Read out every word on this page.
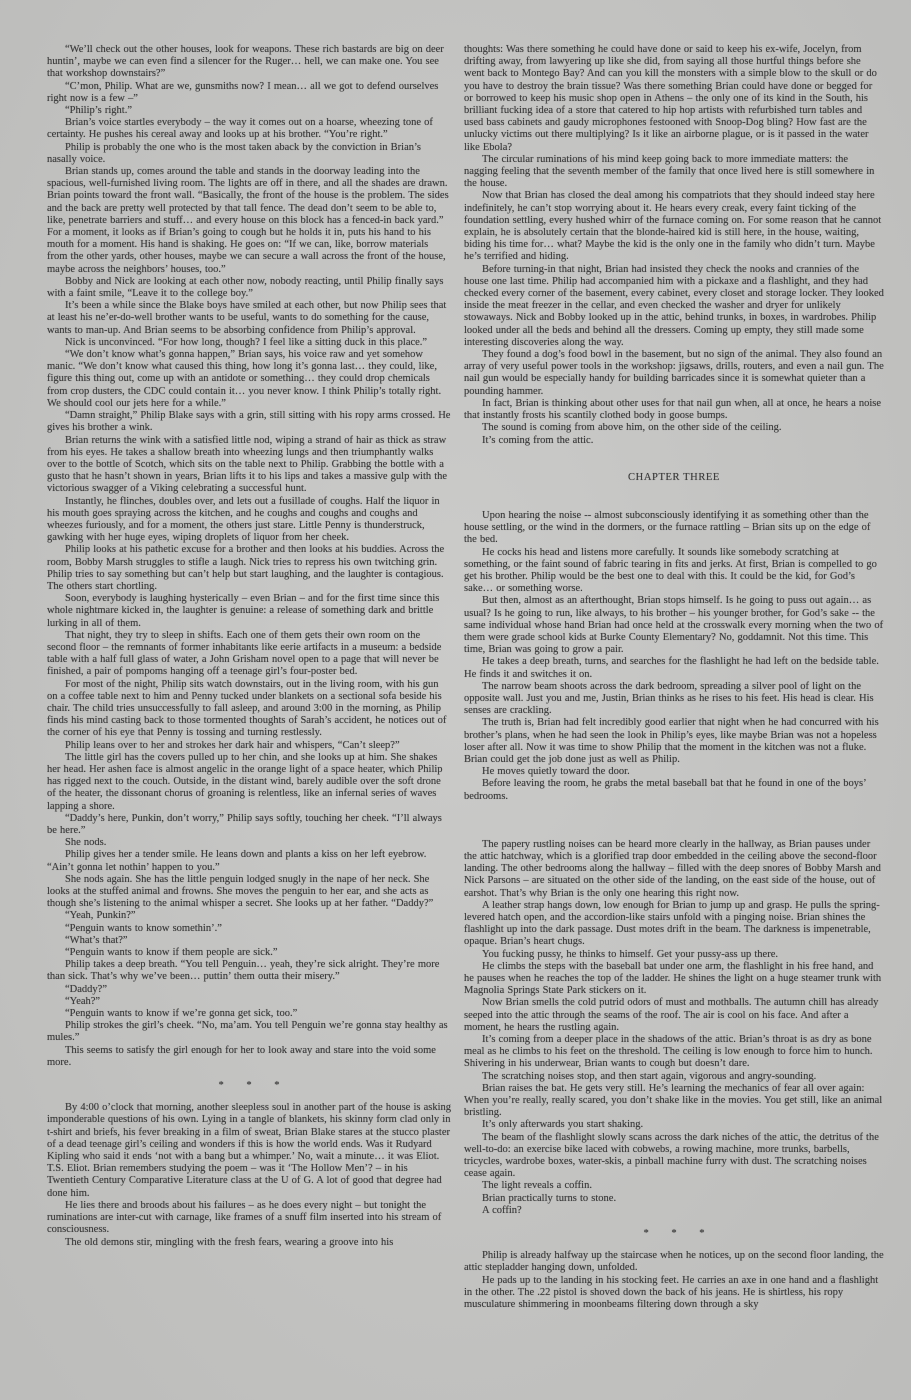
“We’ll check out the other houses, look for weapons. These rich bastards are big on deer huntin’, maybe we can even find a silencer for the Ruger… hell, we can make one. You see that workshop downstairs?”

“C’mon, Philip. What are we, gunsmiths now? I mean… all we got to defend ourselves right now is a few –”

“Philip’s right.”

Brian’s voice startles everybody – the way it comes out on a hoarse, wheezing tone of certainty. He pushes his cereal away and looks up at his brother. “You’re right.”

Philip is probably the one who is the most taken aback by the conviction in Brian’s nasally voice.

Brian stands up, comes around the table and stands in the doorway leading into the spacious, well-furnished living room. The lights are off in there, and all the shades are drawn. Brian points toward the front wall. “Basically, the front of the house is the problem. The sides and the back are pretty well protected by that tall fence. The dead don’t seem to be able to, like, penetrate barriers and stuff… and every house on this block has a fenced-in back yard.” For a moment, it looks as if Brian’s going to cough but he holds it in, puts his hand to his mouth for a moment. His hand is shaking. He goes on: “If we can, like, borrow materials from the other yards, other houses, maybe we can secure a wall across the front of the house, maybe across the neighbors’ houses, too.”

Bobby and Nick are looking at each other now, nobody reacting, until Philip finally says with a faint smile, “Leave it to the college boy.”

It’s been a while since the Blake boys have smiled at each other, but now Philip sees that at least his ne’er-do-well brother wants to be useful, wants to do something for the cause, wants to man-up. And Brian seems to be absorbing confidence from Philip’s approval.

Nick is unconvinced. “For how long, though? I feel like a sitting duck in this place.”

“We don’t know what’s gonna happen,” Brian says, his voice raw and yet somehow manic. “We don’t know what caused this thing, how long it’s gonna last… they could, like, figure this thing out, come up with an antidote or something… they could drop chemicals from crop dusters, the CDC could contain it… you never know. I think Philip’s totally right. We should cool our jets here for a while.”

“Damn straight,” Philip Blake says with a grin, still sitting with his ropy arms crossed. He gives his brother a wink.

Brian returns the wink with a satisfied little nod, wiping a strand of hair as thick as straw from his eyes. He takes a shallow breath into wheezing lungs and then triumphantly walks over to the bottle of Scotch, which sits on the table next to Philip. Grabbing the bottle with a gusto that he hasn’t shown in years, Brian lifts it to his lips and takes a massive gulp with the victorious swagger of a Viking celebrating a successful hunt.

Instantly, he flinches, doubles over, and lets out a fusillade of coughs. Half the liquor in his mouth goes spraying across the kitchen, and he coughs and coughs and coughs and wheezes furiously, and for a moment, the others just stare. Little Penny is thunderstruck, gawking with her huge eyes, wiping droplets of liquor from her cheek.

Philip looks at his pathetic excuse for a brother and then looks at his buddies. Across the room, Bobby Marsh struggles to stifle a laugh. Nick tries to repress his own twitching grin. Philip tries to say something but can’t help but start laughing, and the laughter is contagious. The others start chortling.

Soon, everybody is laughing hysterically – even Brian – and for the first time since this whole nightmare kicked in, the laughter is genuine: a release of something dark and brittle lurking in all of them.

That night, they try to sleep in shifts. Each one of them gets their own room on the second floor – the remnants of former inhabitants like eerie artifacts in a museum: a bedside table with a half full glass of water, a John Grisham novel open to a page that will never be finished, a pair of pompoms hanging off a teenage girl’s four-poster bed.

For most of the night, Philip sits watch downstairs, out in the living room, with his gun on a coffee table next to him and Penny tucked under blankets on a sectional sofa beside his chair. The child tries unsuccessfully to fall asleep, and around 3:00 in the morning, as Philip finds his mind casting back to those tormented thoughts of Sarah’s accident, he notices out of the corner of his eye that Penny is tossing and turning restlessly.

Philip leans over to her and strokes her dark hair and whispers, “Can’t sleep?”

The little girl has the covers pulled up to her chin, and she looks up at him. She shakes her head. Her ashen face is almost angelic in the orange light of a space heater, which Philip has rigged next to the couch. Outside, in the distant wind, barely audible over the soft drone of the heater, the dissonant chorus of groaning is relentless, like an infernal series of waves lapping a shore.

“Daddy’s here, Punkin, don’t worry,” Philip says softly, touching her cheek. “I’ll always be here.”

She nods.

Philip gives her a tender smile. He leans down and plants a kiss on her left eyebrow. “Ain’t gonna let nothin’ happen to you.”

She nods again. She has the little penguin lodged snugly in the nape of her neck. She looks at the stuffed animal and frowns. She moves the penguin to her ear, and she acts as though she’s listening to the animal whisper a secret. She looks up at her father. “Daddy?”

“Yeah, Punkin?”

“Penguin wants to know somethin’.”

“What’s that?”

“Penguin wants to know if them people are sick.”

Philip takes a deep breath. “You tell Penguin… yeah, they’re sick alright. They’re more than sick. That’s why we’ve been… puttin’ them outta their misery.”

“Daddy?”

“Yeah?”

“Penguin wants to know if we’re gonna get sick, too.”

Philip strokes the girl’s cheek. “No, ma’am. You tell Penguin we’re gonna stay healthy as mules.”

This seems to satisfy the girl enough for her to look away and stare into the void some more.

* * *

By 4:00 o’clock that morning, another sleepless soul in another part of the house is asking imponderable questions of his own. Lying in a tangle of blankets, his skinny form clad only in t-shirt and briefs, his fever breaking in a film of sweat, Brian Blake stares at the stucco plaster of a dead teenage girl’s ceiling and wonders if this is how the world ends. Was it Rudyard Kipling who said it ends ‘not with a bang but a whimper.’ No, wait a minute… it was Eliot. T.S. Eliot. Brian remembers studying the poem – was it ‘The Hollow Men’? – in his Twentieth Century Comparative Literature class at the U of G. A lot of good that degree had done him.

He lies there and broods about his failures – as he does every night – but tonight the ruminations are inter-cut with carnage, like frames of a snuff film inserted into his stream of consciousness.

The old demons stir, mingling with the fresh fears, wearing a groove into his

thoughts: Was there something he could have done or said to keep his ex-wife, Jocelyn, from drifting away, from lawyering up like she did, from saying all those hurtful things before she went back to Montego Bay? And can you kill the monsters with a simple blow to the skull or do you have to destroy the brain tissue? Was there something Brian could have done or begged for or borrowed to keep his music shop open in Athens – the only one of its kind in the South, his brilliant fucking idea of a store that catered to hip hop artists with refurbished turn tables and used bass cabinets and gaudy microphones festooned with Snoop-Dog bling? How fast are the unlucky victims out there multiplying? Is it like an airborne plague, or is it passed in the water like Ebola?

The circular ruminations of his mind keep going back to more immediate matters: the nagging feeling that the seventh member of the family that once lived here is still somewhere in the house.

Now that Brian has closed the deal among his compatriots that they should indeed stay here indefinitely, he can’t stop worrying about it. He hears every creak, every faint ticking of the foundation settling, every hushed whirr of the furnace coming on. For some reason that he cannot explain, he is absolutely certain that the blonde-haired kid is still here, in the house, waiting, biding his time for… what? Maybe the kid is the only one in the family who didn’t turn. Maybe he’s terrified and hiding.

Before turning-in that night, Brian had insisted they check the nooks and crannies of the house one last time. Philip had accompanied him with a pickaxe and a flashlight, and they had checked every corner of the basement, every cabinet, every closet and storage locker. They looked inside the meat freezer in the cellar, and even checked the washer and dryer for unlikely stowaways. Nick and Bobby looked up in the attic, behind trunks, in boxes, in wardrobes. Philip looked under all the beds and behind all the dressers. Coming up empty, they still made some interesting discoveries along the way.

They found a dog’s food bowl in the basement, but no sign of the animal. They also found an array of very useful power tools in the workshop: jigsaws, drills, routers, and even a nail gun. The nail gun would be especially handy for building barricades since it is somewhat quieter than a pounding hammer.

In fact, Brian is thinking about other uses for that nail gun when, all at once, he hears a noise that instantly frosts his scantily clothed body in goose bumps.

The sound is coming from above him, on the other side of the ceiling.

It’s coming from the attic.

CHAPTER THREE

Upon hearing the noise -- almost subconsciously identifying it as something other than the house settling, or the wind in the dormers, or the furnace rattling – Brian sits up on the edge of the bed.

He cocks his head and listens more carefully. It sounds like somebody scratching at something, or the faint sound of fabric tearing in fits and jerks. At first, Brian is compelled to go get his brother. Philip would be the best one to deal with this. It could be the kid, for God’s sake… or something worse.

But then, almost as an afterthought, Brian stops himself. Is he going to puss out again… as usual? Is he going to run, like always, to his brother – his younger brother, for God’s sake -- the same individual whose hand Brian had once held at the crosswalk every morning when the two of them were grade school kids at Burke County Elementary? No, goddamnit. Not this time. This time, Brian was going to grow a pair.

He takes a deep breath, turns, and searches for the flashlight he had left on the bedside table. He finds it and switches it on.

The narrow beam shoots across the dark bedroom, spreading a silver pool of light on the opposite wall. Just you and me, Justin, Brian thinks as he rises to his feet. His head is clear. His senses are crackling.

The truth is, Brian had felt incredibly good earlier that night when he had concurred with his brother’s plans, when he had seen the look in Philip’s eyes, like maybe Brian was not a hopeless loser after all. Now it was time to show Philip that the moment in the kitchen was not a fluke. Brian could get the job done just as well as Philip.

He moves quietly toward the door.

Before leaving the room, he grabs the metal baseball bat that he found in one of the boys’ bedrooms.

The papery rustling noises can be heard more clearly in the hallway, as Brian pauses under the attic hatchway, which is a glorified trap door embedded in the ceiling above the second-floor landing. The other bedrooms along the hallway – filled with the deep snores of Bobby Marsh and Nick Parsons – are situated on the other side of the landing, on the east side of the house, out of earshot. That’s why Brian is the only one hearing this right now.

A leather strap hangs down, low enough for Brian to jump up and grasp. He pulls the spring-levered hatch open, and the accordion-like stairs unfold with a pinging noise. Brian shines the flashlight up into the dark passage. Dust motes drift in the beam. The darkness is impenetrable, opaque. Brian’s heart chugs.

You fucking pussy, he thinks to himself. Get your pussy-ass up there.

He climbs the steps with the baseball bat under one arm, the flashlight in his free hand, and he pauses when he reaches the top of the ladder. He shines the light on a huge steamer trunk with Magnolia Springs State Park stickers on it.

Now Brian smells the cold putrid odors of must and mothballs. The autumn chill has already seeped into the attic through the seams of the roof. The air is cool on his face. And after a moment, he hears the rustling again.

It’s coming from a deeper place in the shadows of the attic. Brian’s throat is as dry as bone meal as he climbs to his feet on the threshold. The ceiling is low enough to force him to hunch. Shivering in his underwear, Brian wants to cough but doesn’t dare.

The scratching noises stop, and then start again, vigorous and angry-sounding.

Brian raises the bat. He gets very still. He’s learning the mechanics of fear all over again: When you’re really, really scared, you don’t shake like in the movies. You get still, like an animal bristling.

It’s only afterwards you start shaking.

The beam of the flashlight slowly scans across the dark niches of the attic, the detritus of the well-to-do: an exercise bike laced with cobwebs, a rowing machine, more trunks, barbells, tricycles, wardrobe boxes, water-skis, a pinball machine furry with dust. The scratching noises cease again.

The light reveals a coffin.

Brian practically turns to stone.

A coffin?

* * *

Philip is already halfway up the staircase when he notices, up on the second floor landing, the attic stepladder hanging down, unfolded.

He pads up to the landing in his stocking feet. He carries an axe in one hand and a flashlight in the other. The .22 pistol is shoved down the back of his jeans. He is shirtless, his ropy musculature shimmering in moonbeams filtering down through a sky
